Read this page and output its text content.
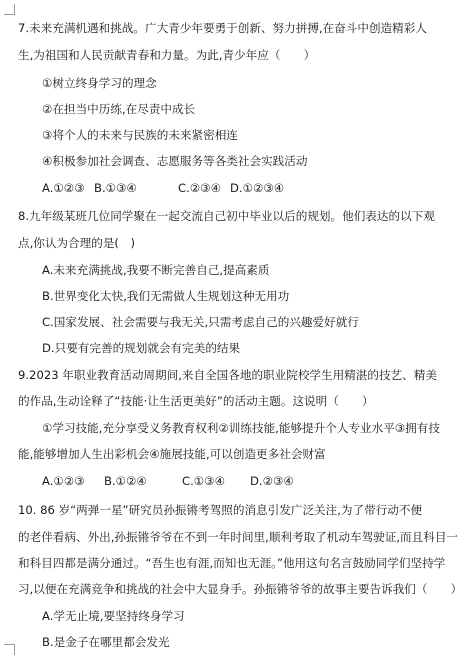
7.未来充满机遇和挑战。广大青少年要勇于创新、努力拼搏,在奋斗中创造精彩人
生,为祖国和人民贡献青春和力量。为此,青少年应（　　）
①树立终身学习的理念
②在担当中历练,在尽责中成长
③将个人的未来与民族的未来紧密相连
④积极参加社会调查、志愿服务等各类社会实践活动
A.①②③ B.①③④	C.②③④ D.①②③④
8.九年级某班几位同学聚在一起交流自己初中毕业以后的规划。他们表达的以下观
点,你认为合理的是(　)
A.未来充满挑战,我要不断完善自己,提高素质
B.世界变化太快,我们无需做人生规划这种无用功
C.国家发展、社会需要与我无关,只需考虑自己的兴趣爱好就行
D.只要有完善的规划就会有完美的结果
9.2023 年职业教育活动周期间,来自全国各地的职业院校学生用精湛的技艺、精美
的作品,生动诠释了“技能·让生活更美好”的活动主题。这说明（　　）
①学习技能,充分享受义务教育权利②训练技能,能够提升个人专业水平③拥有技
能,能够增加人生出彩机会④施展技能,可以创造更多社会财富
A.①②③ B.①②④	C.①③④ D.②③④
10. 86 岁“两弹一星”研究员孙振锵考驾照的消息引发广泛关注,为了带行动不便
的老伴看病、外出,孙振锵爷爷在不到一年时间里,顺利考取了机动车驾驶证,而且科目一
和科目四都是满分通过。“吾生也有涯,而知也无涯。”他用这句名言鼓励同学们坚持学
习,以便在充满竞争和挑战的社会中大显身手。孙振锵爷爷的故事主要告诉我们（　　）
A.学无止境,要坚持终身学习
B.是金子在哪里都会发光
